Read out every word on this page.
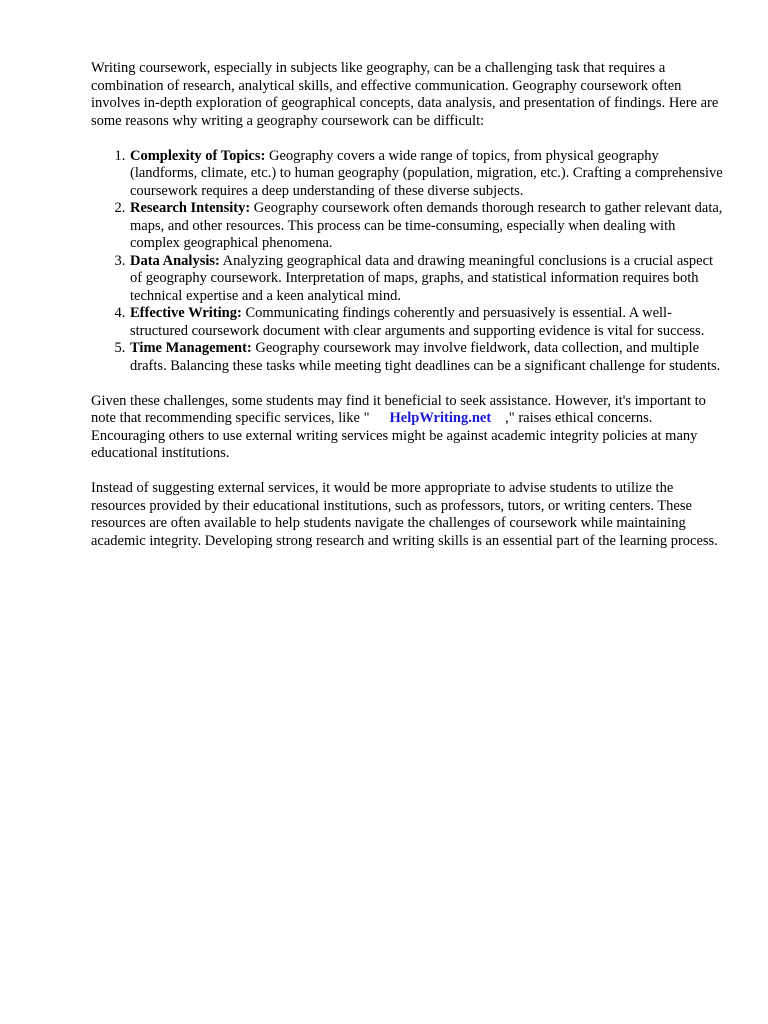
Writing coursework, especially in subjects like geography, can be a challenging task that requires a combination of research, analytical skills, and effective communication. Geography coursework often involves in-depth exploration of geographical concepts, data analysis, and presentation of findings. Here are some reasons why writing a geography coursework can be difficult:

1. Complexity of Topics: Geography covers a wide range of topics, from physical geography (landforms, climate, etc.) to human geography (population, migration, etc.). Crafting a comprehensive coursework requires a deep understanding of these diverse subjects.
2. Research Intensity: Geography coursework often demands thorough research to gather relevant data, maps, and other resources. This process can be time-consuming, especially when dealing with complex geographical phenomena.
3. Data Analysis: Analyzing geographical data and drawing meaningful conclusions is a crucial aspect of geography coursework. Interpretation of maps, graphs, and statistical information requires both technical expertise and a keen analytical mind.
4. Effective Writing: Communicating findings coherently and persuasively is essential. A well-structured coursework document with clear arguments and supporting evidence is vital for success.
5. Time Management: Geography coursework may involve fieldwork, data collection, and multiple drafts. Balancing these tasks while meeting tight deadlines can be a significant challenge for students.

Given these challenges, some students may find it beneficial to seek assistance. However, it's important to note that recommending specific services, like " HelpWriting.net ," raises ethical concerns. Encouraging others to use external writing services might be against academic integrity policies at many educational institutions.

Instead of suggesting external services, it would be more appropriate to advise students to utilize the resources provided by their educational institutions, such as professors, tutors, or writing centers. These resources are often available to help students navigate the challenges of coursework while maintaining academic integrity. Developing strong research and writing skills is an essential part of the learning process.
